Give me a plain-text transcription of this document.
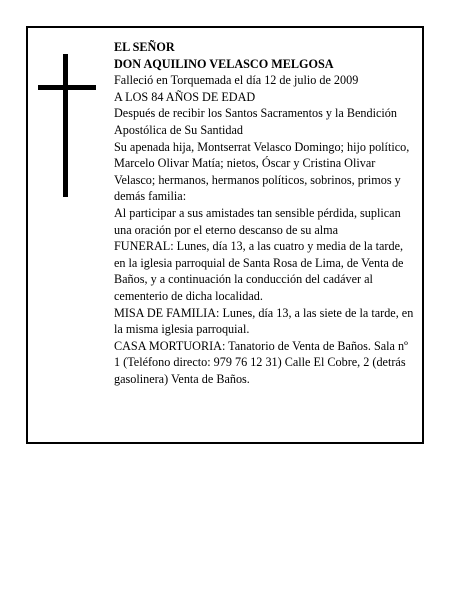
EL SEÑOR
DON AQUILINO VELASCO MELGOSA
Falleció en Torquemada el día 12 de julio de 2009
A LOS 84 AÑOS DE EDAD
Después de recibir los Santos Sacramentos y la Bendición Apostólica de Su Santidad
Su apenada hija, Montserrat Velasco Domingo; hijo político, Marcelo Olivar Matía; nietos, Óscar y Cristina Olivar Velasco; hermanos, hermanos políticos, sobrinos, primos y demás familia:
Al participar a sus amistades tan sensible pérdida, suplican una oración por el eterno descanso de su alma
FUNERAL: Lunes, día 13, a las cuatro y media de la tarde, en la iglesia parroquial de Santa Rosa de Lima, de Venta de Baños, y a continuación la conducción del cadáver al cementerio de dicha localidad.
MISA DE FAMILIA: Lunes, día 13, a las siete de la tarde, en la misma iglesia parroquial.
CASA MORTUORIA: Tanatorio de Venta de Baños. Sala nº 1 (Teléfono directo: 979 76 12 31) Calle El Cobre, 2 (detrás gasolinera) Venta de Baños.
